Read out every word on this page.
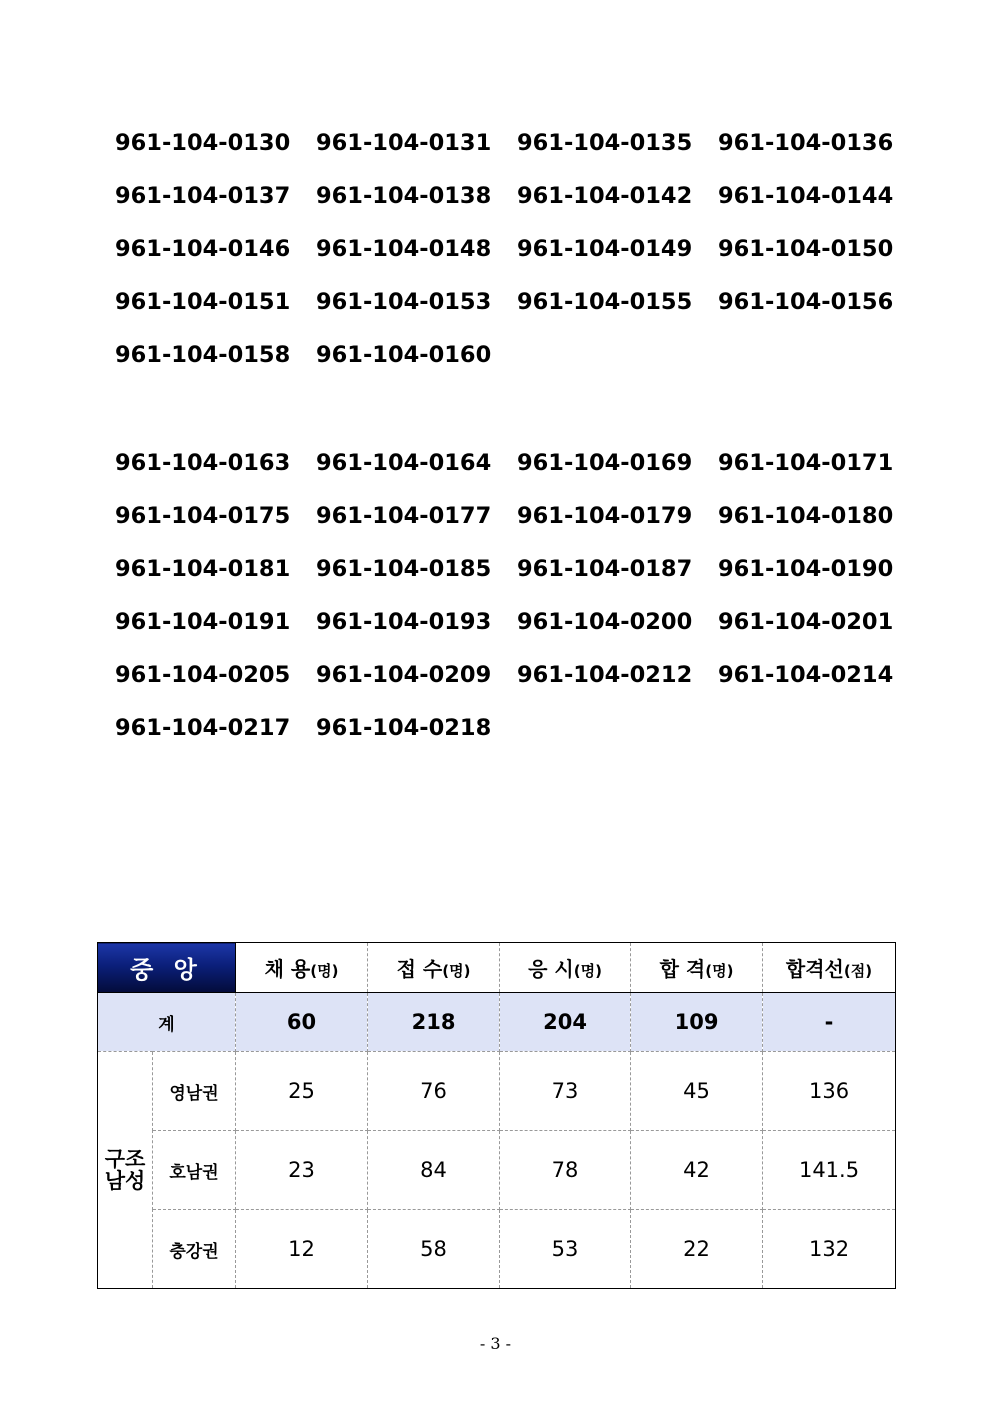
961-104-0130	961-104-0131	961-104-0135	961-104-0136
961-104-0137	961-104-0138	961-104-0142	961-104-0144
961-104-0146	961-104-0148	961-104-0149	961-104-0150
961-104-0151	961-104-0153	961-104-0155	961-104-0156
961-104-0158	961-104-0160
961-104-0163	961-104-0164	961-104-0169	961-104-0171
961-104-0175	961-104-0177	961-104-0179	961-104-0180
961-104-0181	961-104-0185	961-104-0187	961-104-0190
961-104-0191	961-104-0193	961-104-0200	961-104-0201
961-104-0205	961-104-0209	961-104-0212	961-104-0214
961-104-0217	961-104-0218
중 앙		채 용(명)	접 수(명)	응 시(명)	합 격(명)	합격선(점)
계		60	218	204	109	-
구조
남성	영남권	25	76	73	45	136
	호남권	23	84	78	42	141.5
	충강권	12	58	53	22	132
- 3 -
